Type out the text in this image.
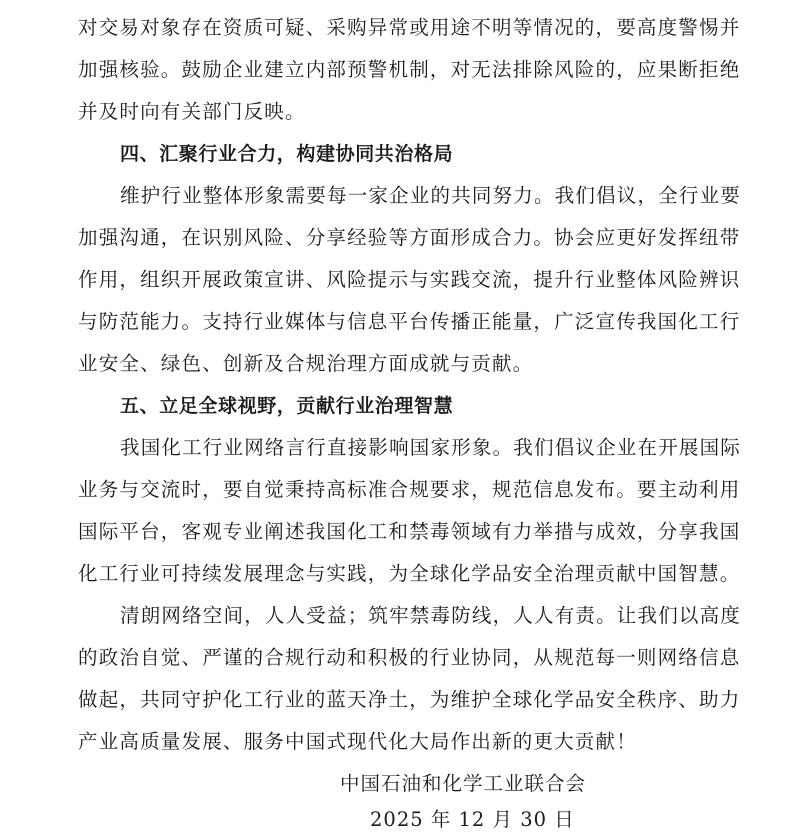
对交易对象存在资质可疑、采购异常或用途不明等情况的，要高度警惕并
加强核验。鼓励企业建立内部预警机制，对无法排除风险的，应果断拒绝
并及时向有关部门反映。
四、汇聚行业合力，构建协同共治格局
维护行业整体形象需要每一家企业的共同努力。我们倡议，全行业要
加强沟通，在识别风险、分享经验等方面形成合力。协会应更好发挥纽带
作用，组织开展政策宣讲、风险提示与实践交流，提升行业整体风险辨识
与防范能力。支持行业媒体与信息平台传播正能量，广泛宣传我国化工行
业安全、绿色、创新及合规治理方面成就与贡献。
五、立足全球视野，贡献行业治理智慧
我国化工行业网络言行直接影响国家形象。我们倡议企业在开展国际
业务与交流时，要自觉秉持高标准合规要求，规范信息发布。要主动利用
国际平台，客观专业阐述我国化工和禁毒领域有力举措与成效，分享我国
化工行业可持续发展理念与实践，为全球化学品安全治理贡献中国智慧。
清朗网络空间，人人受益；筑牢禁毒防线，人人有责。让我们以高度
的政治自觉、严谨的合规行动和积极的行业协同，从规范每一则网络信息
做起，共同守护化工行业的蓝天净土，为维护全球化学品安全秩序、助力
产业高质量发展、服务中国式现代化大局作出新的更大贡献！
中国石油和化学工业联合会
2025 年 12 月 30 日
